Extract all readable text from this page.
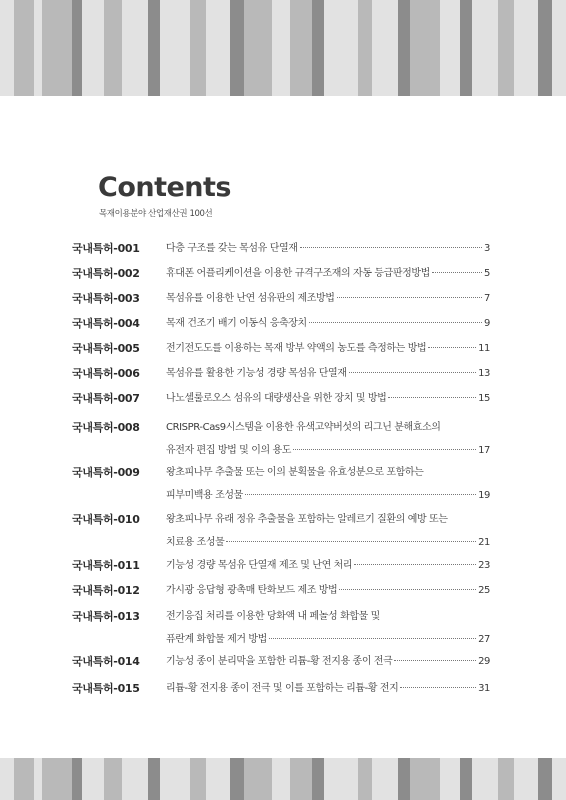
Contents
목재이용분야 산업재산권 100선
국내특허-001	다층 구조를 갖는 목섬유 단열재	3
국내특허-002	휴대폰 어플리케이션을 이용한 규격구조재의 자동 등급판정방법	5
국내특허-003	목섬유를 이용한 난연 섬유판의 제조방법	7
국내특허-004	목재 건조기 배기 이동식 응축장치	9
국내특허-005	전기전도도를 이용하는 목재 방부 약액의 농도를 측정하는 방법	11
국내특허-006	목섬유를 활용한 기능성 경량 목섬유 단열재	13
국내특허-007	나노셀룰로오스 섬유의 대량생산을 위한 장치 및 방법	15
국내특허-008	CRISPR-Cas9시스템을 이용한 유색고약버섯의 리그닌 분해효소의
유전자 편집 방법 및 이의 용도	17
국내특허-009	왕초피나무 추출물 또는 이의 분획물을 유효성분으로 포함하는
피부미백용 조성물	19
국내특허-010	왕초피나무 유래 정유 추출물을 포함하는 알레르기 질환의 예방 또는
치료용 조성물	21
국내특허-011	기능성 경량 목섬유 단열재 제조 및 난연 처리	23
국내특허-012	가시광 응답형 광촉매 탄화보드 제조 방법	25
국내특허-013	전기응집 처리를 이용한 당화액 내 페놀성 화합물 및
퓨란계 화합물 제거 방법	27
국내특허-014	기능성 종이 분리막을 포함한 리튬-황 전지용 종이 전극	29
국내특허-015	리튬-황 전지용 종이 전극 및 이를 포함하는 리튬-황 전지	31
